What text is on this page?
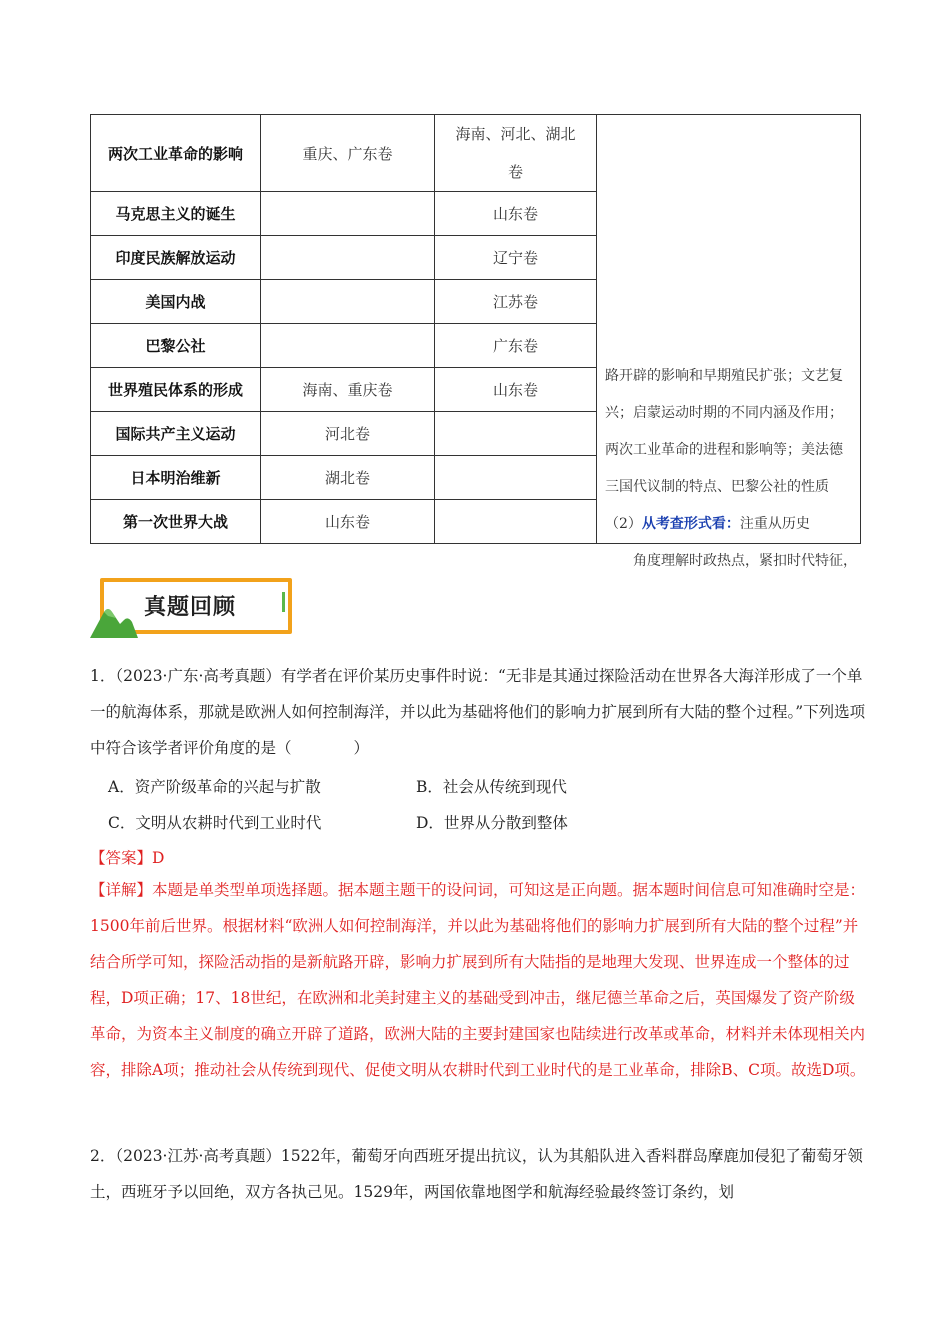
两次工业革命的影响	重庆、广东卷	海南、河北、湖北卷	路开辟的影响和早期殖民扩张；文艺复兴；启蒙运动时期的不同内涵及作用；两次工业革命的进程和影响等；美法德三国代议制的特点、巴黎公社的性质
（2）从考查形式看：注重从历史

马克思主义的诞生		山东卷	
印度民族解放运动		辽宁卷	
美国内战		江苏卷	
巴黎公社		广东卷	
世界殖民体系的形成	海南、重庆卷	山东卷	
国际共产主义运动	河北卷		
日本明治维新	湖北卷		
第一次世界大战	山东卷		
角度理解时政热点，紧扣时代特征，
真题回顾

1．（2023·广东·高考真题）有学者在评价某历史事件时说：“无非是其通过探险活动在世界各大海洋形成了一个单一的航海体系，那就是欧洲人如何控制海洋，并以此为基础将他们的影响力扩展到所有大陆的整个过程。”下列选项中符合该学者评价角度的是（　　　　）

A．资产阶级革命的兴起与扩散	B．社会从传统到现代
C．文明从农耕时代到工业时代	D．世界从分散到整体
【答案】D

【详解】本题是单类型单项选择题。据本题主题干的设问词，可知这是正向题。据本题时间信息可知准确时空是：1500年前后世界。根据材料“欧洲人如何控制海洋，并以此为基础将他们的影响力扩展到所有大陆的整个过程”并结合所学可知，探险活动指的是新航路开辟，影响力扩展到所有大陆指的是地理大发现、世界连成一个整体的过程，D项正确；17、18世纪，在欧洲和北美封建主义的基础受到冲击，继尼德兰革命之后，英国爆发了资产阶级革命，为资本主义制度的确立开辟了道路，欧洲大陆的主要封建国家也陆续进行改革或革命，材料并未体现相关内容，排除A项；推动社会从传统到现代、促使文明从农耕时代到工业时代的是工业革命，排除B、C项。故选D项。

2．（2023·江苏·高考真题）1522年，葡萄牙向西班牙提出抗议，认为其船队进入香料群岛摩鹿加侵犯了葡萄牙领土，西班牙予以回绝，双方各执己见。1529年，两国依靠地图学和航海经验最终签订条约，划
